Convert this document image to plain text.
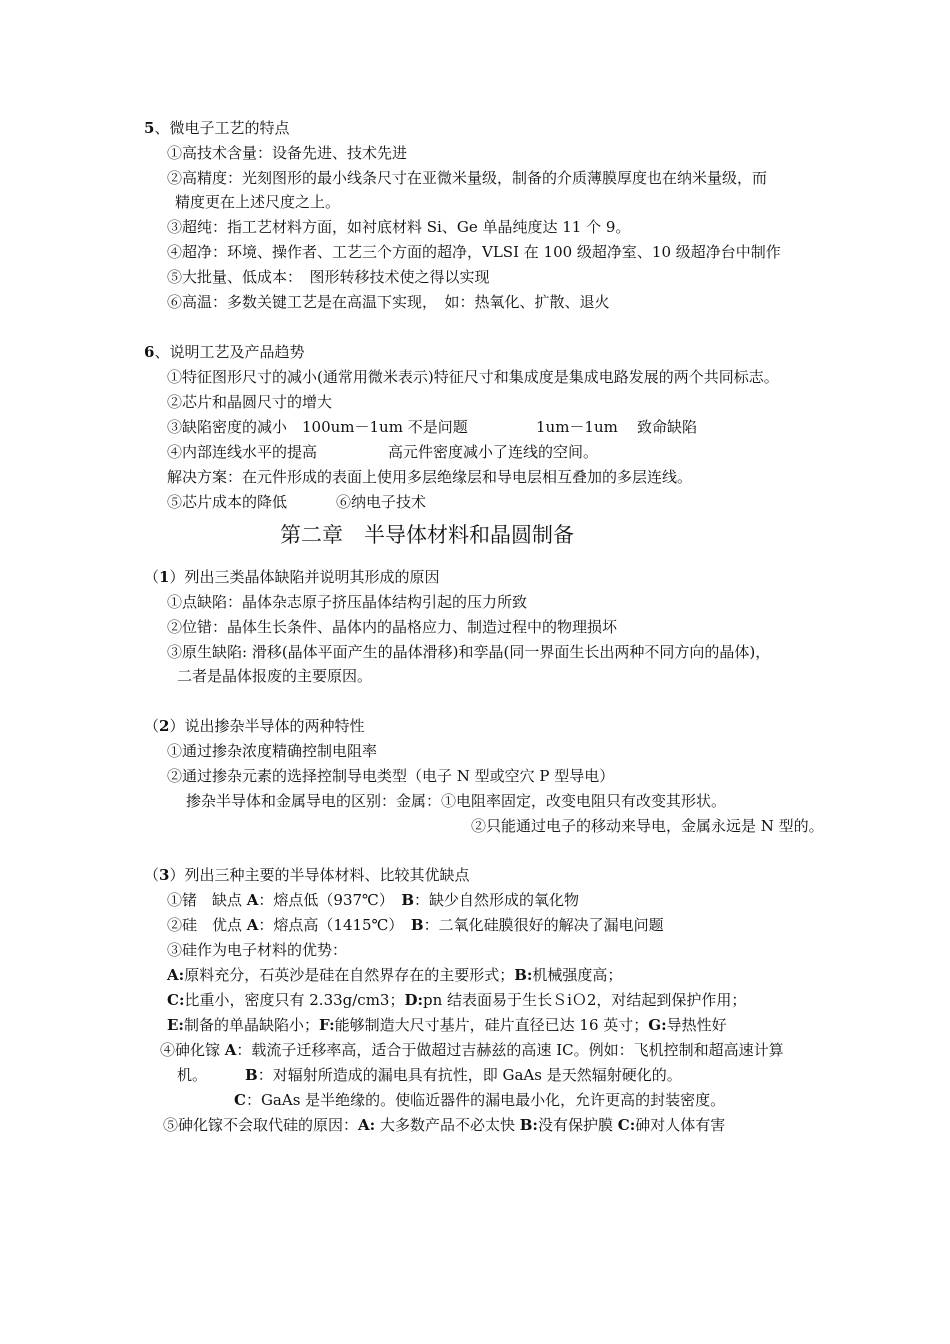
5、微电子工艺的特点
①高技术含量：设备先进、技术先进
②高精度：光刻图形的最小线条尺寸在亚微米量级，制备的介质薄膜厚度也在纳米量级，而
精度更在上述尺度之上。
③超纯：指工艺材料方面，如衬底材料 Si、Ge 单晶纯度达 11 个 9。
④超净：环境、操作者、工艺三个方面的超净，VLSI 在 100 级超净室、10 级超净台中制作
⑤大批量、低成本：　图形转移技术使之得以实现
⑥高温：多数关键工艺是在高温下实现，　如：热氧化、扩散、退火
6、说明工艺及产品趋势
①特征图形尺寸的减小(通常用微米表示)特征尺寸和集成度是集成电路发展的两个共同标志。
②芯片和晶圆尺寸的增大
③缺陷密度的减小　100um－1um 不是问题	1um－1um 致命缺陷
④内部连线水平的提高	高元件密度减小了连线的空间。
解决方案：在元件形成的表面上使用多层绝缘层和导电层相互叠加的多层连线。
⑤芯片成本的降低	⑥纳电子技术
第二章　半导体材料和晶圆制备
（1）列出三类晶体缺陷并说明其形成的原因
①点缺陷：晶体杂志原子挤压晶体结构引起的压力所致
②位错：晶体生长条件、晶体内的晶格应力、制造过程中的物理损坏
③原生缺陷: 滑移(晶体平面产生的晶体滑移)和孪晶(同一界面生长出两种不同方向的晶体)，
二者是晶体报废的主要原因。
（2）说出掺杂半导体的两种特性
①通过掺杂浓度精确控制电阻率
②通过掺杂元素的选择控制导电类型（电子 N 型或空穴 P 型导电）
掺杂半导体和金属导电的区别：金属：①电阻率固定，改变电阻只有改变其形状。
②只能通过电子的移动来导电，金属永远是 N 型的。
（3）列出三种主要的半导体材料、比较其优缺点
①锗　缺点 A：熔点低（937℃）　B：缺少自然形成的氧化物
②硅　优点 A：熔点高（1415℃）　B：二氧化硅膜很好的解决了漏电问题
③硅作为电子材料的优势：
A:原料充分，石英沙是硅在自然界存在的主要形式；B:机械强度高；
C:比重小，密度只有 2.33g/cm3；D:pn 结表面易于生长ＳiＯ2，对结起到保护作用；
E:制备的单晶缺陷小；F:能够制造大尺寸基片，硅片直径已达 16 英寸；G:导热性好
④砷化镓 A：载流子迁移率高，适合于做超过吉赫兹的高速 IC。例如：飞机控制和超高速计算
机。	B：对辐射所造成的漏电具有抗性，即 GaAs 是天然辐射硬化的。
C：GaAs 是半绝缘的。使临近器件的漏电最小化，允许更高的封装密度。
⑤砷化镓不会取代硅的原因：A: 大多数产品不必太快 B:没有保护膜 C:砷对人体有害
